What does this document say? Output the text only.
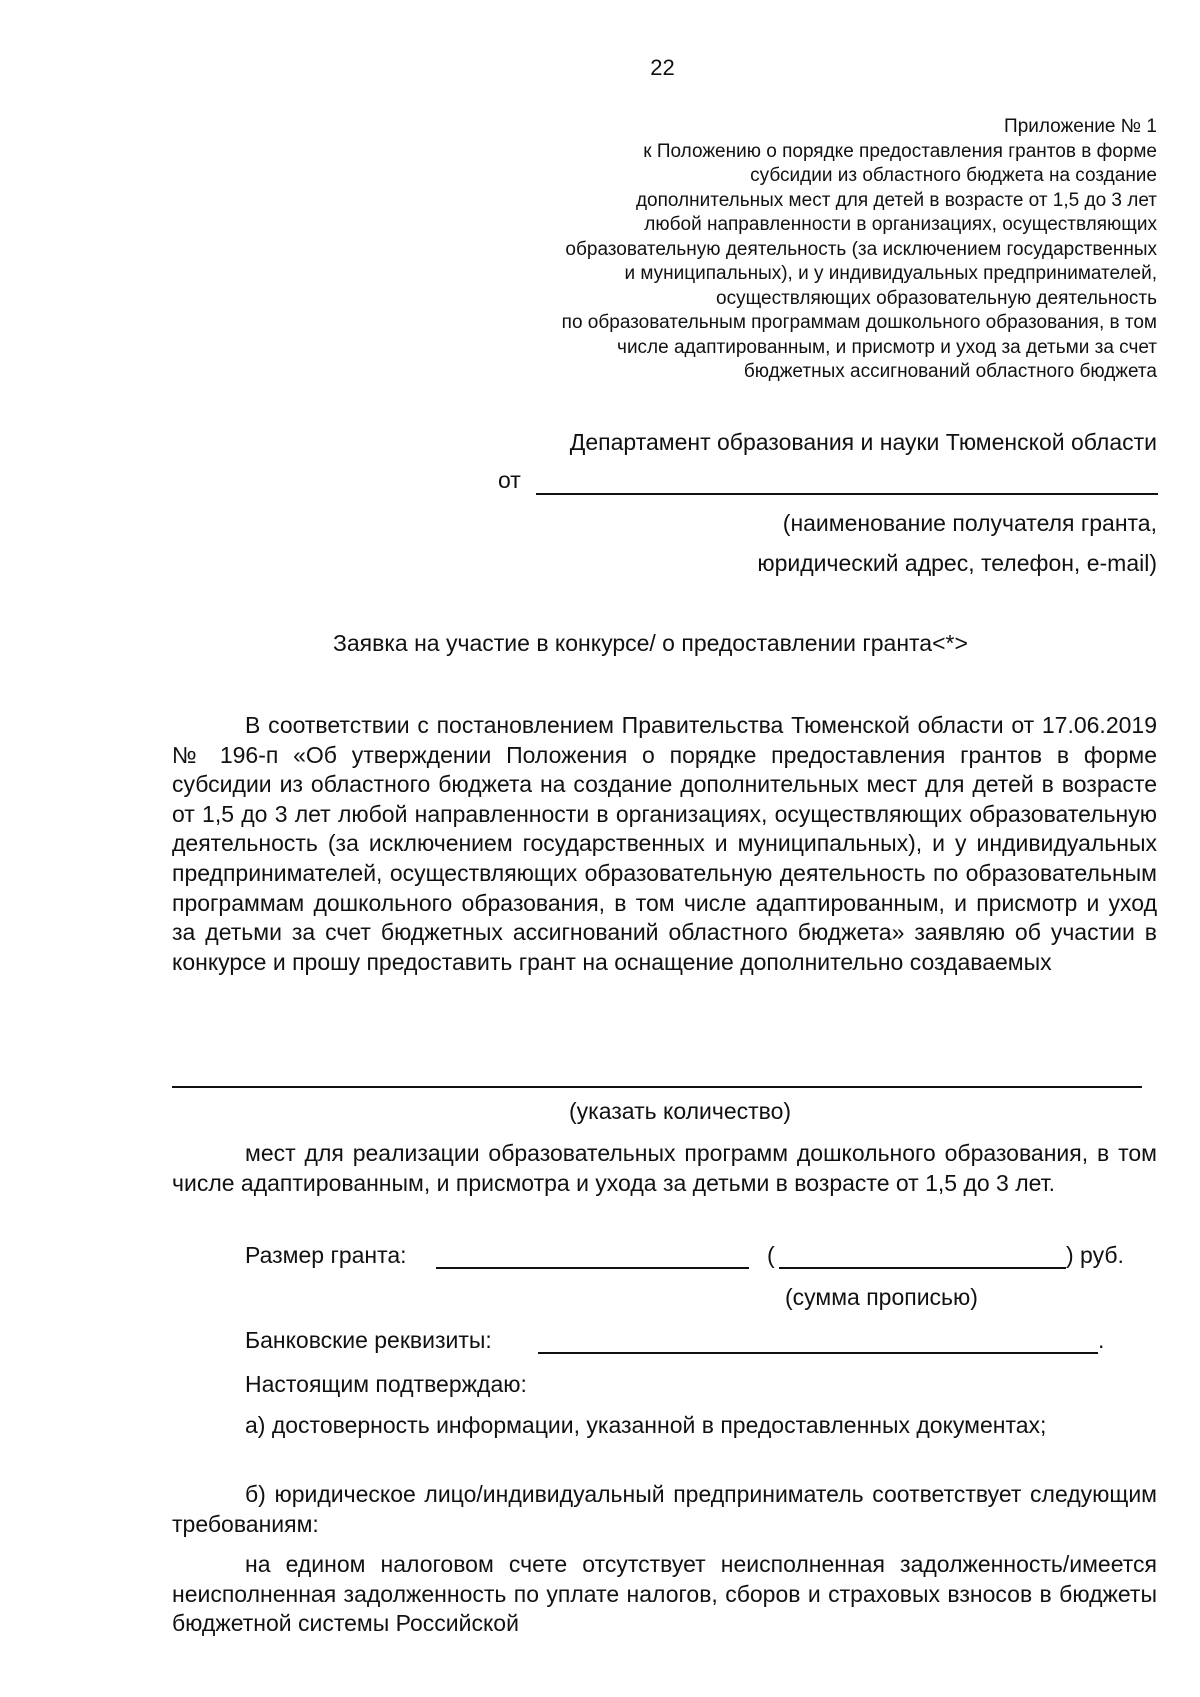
22
Приложение № 1
к Положению о порядке предоставления грантов в форме
субсидии из областного бюджета на создание
дополнительных мест для детей в возрасте от 1,5 до 3 лет
любой направленности в организациях, осуществляющих
образовательную деятельность (за исключением государственных
и муниципальных), и у индивидуальных предпринимателей,
осуществляющих образовательную деятельность
по образовательным программам дошкольного образования, в том
числе адаптированным, и присмотр и уход за детьми за счет
бюджетных ассигнований областного бюджета
Департамент образования и науки Тюменской области
от
(наименование получателя гранта,
юридический адрес, телефон, e-mail)
Заявка на участие в конкурсе/ о предоставлении гранта<*>
В соответствии с постановлением Правительства Тюменской области от 17.06.2019 № 196-п «Об утверждении Положения о порядке предоставления грантов в форме субсидии из областного бюджета на создание дополнительных мест для детей в возрасте от 1,5 до 3 лет любой направленности в организациях, осуществляющих образовательную деятельность (за исключением государственных и муниципальных), и у индивидуальных предпринимателей, осуществляющих образовательную деятельность по образовательным программам дошкольного образования, в том числе адаптированным, и присмотр и уход за детьми за счет бюджетных ассигнований областного бюджета» заявляю об участии в конкурсе и прошу предоставить грант на оснащение дополнительно создаваемых
(указать количество)
мест для реализации образовательных программ дошкольного образования, в том числе адаптированным, и присмотра и ухода за детьми в возрасте от 1,5 до 3 лет.
Размер гранта:	(	) руб.
(сумма прописью)
Банковские реквизиты:	.
Настоящим подтверждаю:
а) достоверность информации, указанной в предоставленных документах;
б) юридическое лицо/индивидуальный предприниматель соответствует следующим требованиям:
на едином налоговом счете отсутствует неисполненная задолженность/имеется неисполненная задолженность по уплате налогов, сборов и страховых взносов в бюджеты бюджетной системы Российской
